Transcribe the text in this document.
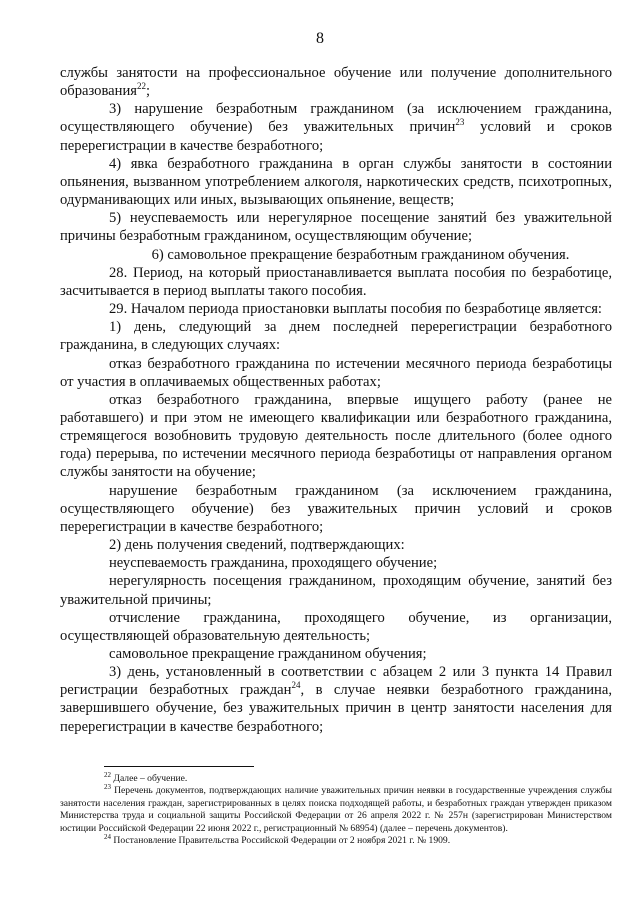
8

службы занятости на профессиональное обучение или получение дополнительного образования$^{22}$;

3) нарушение безработным гражданином (за исключением гражданина, осуществляющего обучение) без уважительных причин$^{23}$ условий и сроков перерегистрации в качестве безработного;

4) явка безработного гражданина в орган службы занятости в состоянии опьянения, вызванном употреблением алкоголя, наркотических средств, психотропных, одурманивающих или иных, вызывающих опьянение, веществ;

5) неуспеваемость или нерегулярное посещение занятий без уважительной причины безработным гражданином, осуществляющим обучение;

6) самовольное прекращение безработным гражданином обучения.

28. Период, на который приостанавливается выплата пособия по безработице, засчитывается в период выплаты такого пособия.

29. Началом периода приостановки выплаты пособия по безработице является:

1) день, следующий за днем последней перерегистрации безработного гражданина, в следующих случаях:

отказ безработного гражданина по истечении месячного периода безработицы от участия в оплачиваемых общественных работах;

отказ безработного гражданина, впервые ищущего работу (ранее не работавшего) и при этом не имеющего квалификации или безработного гражданина, стремящегося возобновить трудовую деятельность после длительного (более одного года) перерыва, по истечении месячного периода безработицы от направления органом службы занятости на обучение;

нарушение безработным гражданином (за исключением гражданина, осуществляющего обучение) без уважительных причин условий и сроков перерегистрации в качестве безработного;

2) день получения сведений, подтверждающих:

неуспеваемость гражданина, проходящего обучение;

нерегулярность посещения гражданином, проходящим обучение, занятий без уважительной причины;

отчисление гражданина, проходящего обучение, из организации, осуществляющей образовательную деятельность;

самовольное прекращение гражданином обучения;

3) день, установленный в соответствии с абзацем 2 или 3 пункта 14 Правил регистрации безработных граждан$^{24}$, в случае неявки безработного гражданина, завершившего обучение, без уважительных причин в центр занятости населения для перерегистрации в качестве безработного;

$^{22}$ Далее – обучение.

$^{23}$ Перечень документов, подтверждающих наличие уважительных причин неявки в государственные учреждения службы занятости населения граждан, зарегистрированных в целях поиска подходящей работы, и безработных граждан утвержден приказом Министерства труда и социальной защиты Российской Федерации от 26 апреля 2022 г. № 257н (зарегистрирован Министерством юстиции Российской Федерации 22 июня 2022 г., регистрационный № 68954) (далее – перечень документов).

$^{24}$ Постановление Правительства Российской Федерации от 2 ноября 2021 г. № 1909.
